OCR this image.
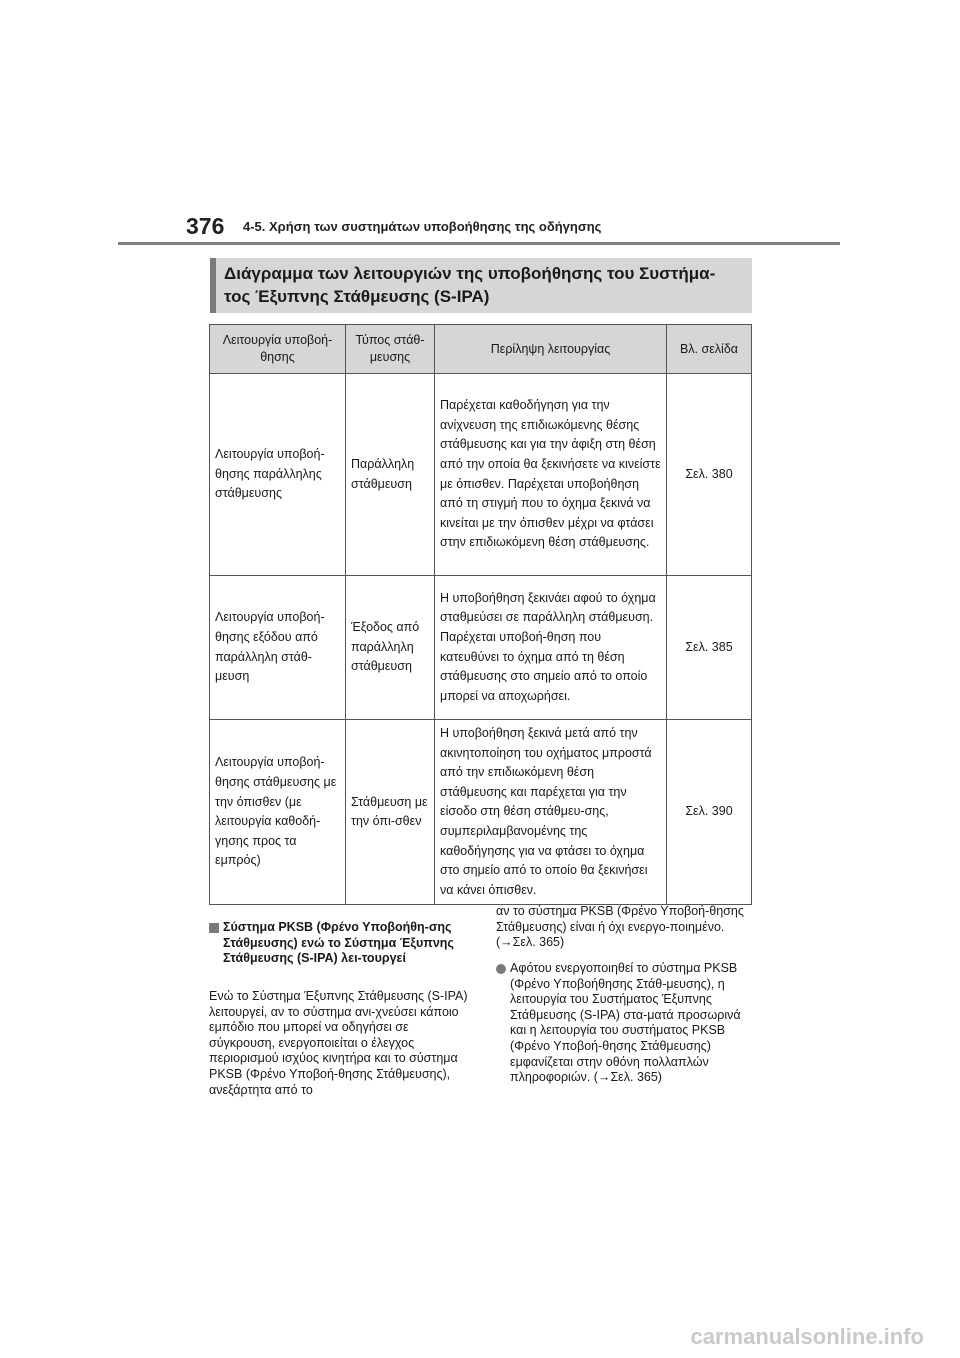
376 4-5. Χρήση των συστημάτων υποβοήθησης της οδήγησης
Διάγραμμα των λειτουργιών της υποβοήθησης του Συστήμα-
τος Έξυπνης Στάθμευσης (S-IPA)
Λειτουργία υποβοή-θησης	Τύπος στάθ-μευσης	Περίληψη λειτουργίας	Βλ. σελίδα
Λειτουργία υποβοή-θησης παράλληλης στάθμευσης	Παράλληλη στάθμευση	Παρέχεται καθοδήγηση για την ανίχνευση της επιδιωκόμενης θέσης στάθμευσης και για την άφιξη στη θέση από την οποία θα ξεκινήσετε να κινείστε με όπισθεν. Παρέχεται υποβοήθηση από τη στιγμή που το όχημα ξεκινά να κινείται με την όπισθεν μέχρι να φτάσει στην επιδιωκόμενη θέση στάθμευσης.	Σελ. 380
Λειτουργία υποβοή-θησης εξόδου από παράλληλη στάθ-μευση	Έξοδος από παράλληλη στάθμευση	Η υποβοήθηση ξεκινάει αφού το όχημα σταθμεύσει σε παράλληλη στάθμευση. Παρέχεται υποβοή-θηση που κατευθύνει το όχημα από τη θέση στάθμευσης στο σημείο από το οποίο μπορεί να αποχωρήσει.	Σελ. 385
Λειτουργία υποβοή-θησης στάθμευσης με την όπισθεν (με λειτουργία καθοδή-γησης προς τα εμπρός)	Στάθμευση με την όπι-σθεν	Η υποβοήθηση ξεκινά μετά από την ακινητοποίηση του οχήματος μπροστά από την επιδιωκόμενη θέση στάθμευσης και παρέχεται για την είσοδο στη θέση στάθμευ-σης, συμπεριλαμβανομένης της καθοδήγησης για να φτάσει το όχημα στο σημείο από το οποίο θα ξεκινήσει να κάνει όπισθεν.	Σελ. 390
Σύστημα PKSB (Φρένο Υποβοήθη-σης Στάθμευσης) ενώ το Σύστημα Έξυπνης Στάθμευσης (S-IPA) λει-τουργεί
Ενώ το Σύστημα Έξυπνης Στάθμευσης (S-IPA) λειτουργεί, αν το σύστημα ανι-χνεύσει κάποιο εμπόδιο που μπορεί να οδηγήσει σε σύγκρουση, ενεργοποιείται ο έλεγχος περιορισμού ισχύος κινητήρα και το σύστημα PKSB (Φρένο Υποβοή-θησης Στάθμευσης), ανεξάρτητα από το
αν το σύστημα PKSB (Φρένο Υποβοή-θησης Στάθμευσης) είναι ή όχι ενεργο-ποιημένο. (→Σελ. 365)
Αφότου ενεργοποιηθεί το σύστημα PKSB (Φρένο Υποβοήθησης Στάθ-μευσης), η λειτουργία του Συστήματος Έξυπνης Στάθμευσης (S-IPA) στα-ματά προσωρινά και η λειτουργία του συστήματος PKSB (Φρένο Υποβοή-θησης Στάθμευσης) εμφανίζεται στην οθόνη πολλαπλών πληροφοριών. (→Σελ. 365)
carmanualsonline.info
